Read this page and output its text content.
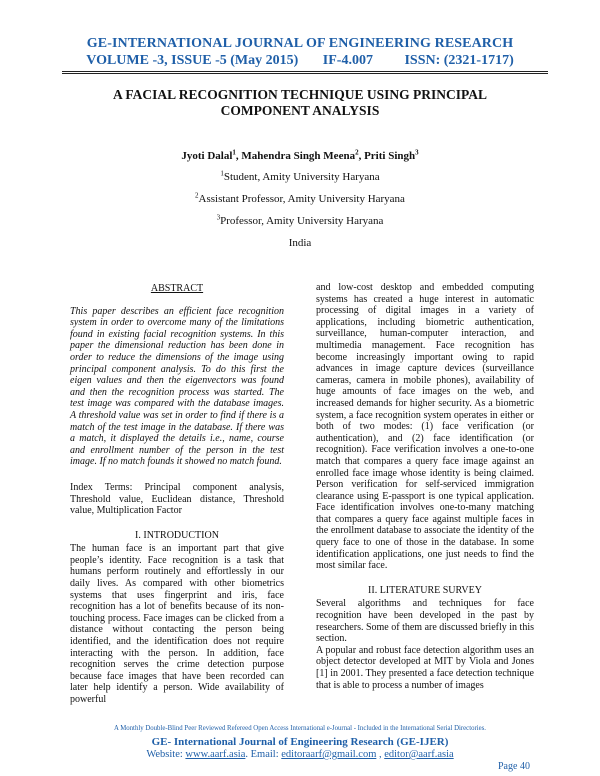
GE-INTERNATIONAL JOURNAL OF ENGINEERING RESEARCH
VOLUME -3, ISSUE -5 (May 2015) IF-4.007 ISSN: (2321-1717)
A FACIAL RECOGNITION TECHNIQUE USING PRINCIPAL
COMPONENT ANALYSIS
Jyoti Dalal$^1$, Mahendra Singh Meena$^2$, Priti Singh$^3$
$^1$Student, Amity University Haryana
$^2$Assistant Professor, Amity University Haryana
$^3$Professor, Amity University Haryana
India
ABSTRACT

This paper describes an efficient face recognition system in order to overcome many of the limitations found in existing facial recognition systems. In this paper the dimensional reduction has been done in order to reduce the dimensions of the image using principal component analysis. To do this first the eigen values and then the eigenvectors was found and then the recognition process was started. The test image was compared with the database images. A threshold value was set in order to find if there is a match of the test image in the database. If there was a match, it displayed the details i.e., name, course and enrollment number of the person in the test image. If no match founds it showed no match found.

Index Terms: Principal component analysis, Threshold value, Euclidean distance, Threshold value, Multiplication Factor

I. INTRODUCTION

The human face is an important part that give people’s identity. Face recognition is a task that humans perform routinely and effortlessly in our daily lives. As compared with other biometrics systems that uses fingerprint and iris, face recognition has a lot of benefits because of its non-touching process. Face images can be clicked from a distance without contacting the person being identified, and the identification does not require interacting with the person. In addition, face recognition serves the crime detection purpose because face images that have been recorded can later help identify a person. Wide availability of powerful

and low-cost desktop and embedded computing systems has created a huge interest in automatic processing of digital images in a variety of applications, including biometric authentication, surveillance, human-computer interaction, and multimedia management. Face recognition has become increasingly important owing to rapid advances in image capture devices (surveillance cameras, camera in mobile phones), availability of huge amounts of face images on the web, and increased demands for higher security. As a biometric system, a face recognition system operates in either or both of two modes: (1) face verification (or authentication), and (2) face identification (or recognition). Face verification involves a one-to-one match that compares a query face image against an enrolled face image whose identity is being claimed. Person verification for self-serviced immigration clearance using E-passport is one typical application. Face identification involves one-to-many matching that compares a query face against multiple faces in the enrollment database to associate the identity of the query face to one of those in the database. In some identification applications, one just needs to find the most similar face.

II. LITERATURE SURVEY

Several algorithms and techniques for face recognition have been developed in the past by researchers. Some of them are discussed briefly in this section.

A popular and robust face detection algorithm uses an object detector developed at MIT by Viola and Jones [1] in 2001. They presented a face detection technique that is able to process a number of images

A Monthly Double-Blind Peer Reviewed Refereed Open Access International e-Journal - Included in the International Serial Directories.
GE- International Journal of Engineering Research (GE-IJER)
Website: www.aarf.asia. Email: editoraarf@gmail.com , editor@aarf.asia
Page 40
